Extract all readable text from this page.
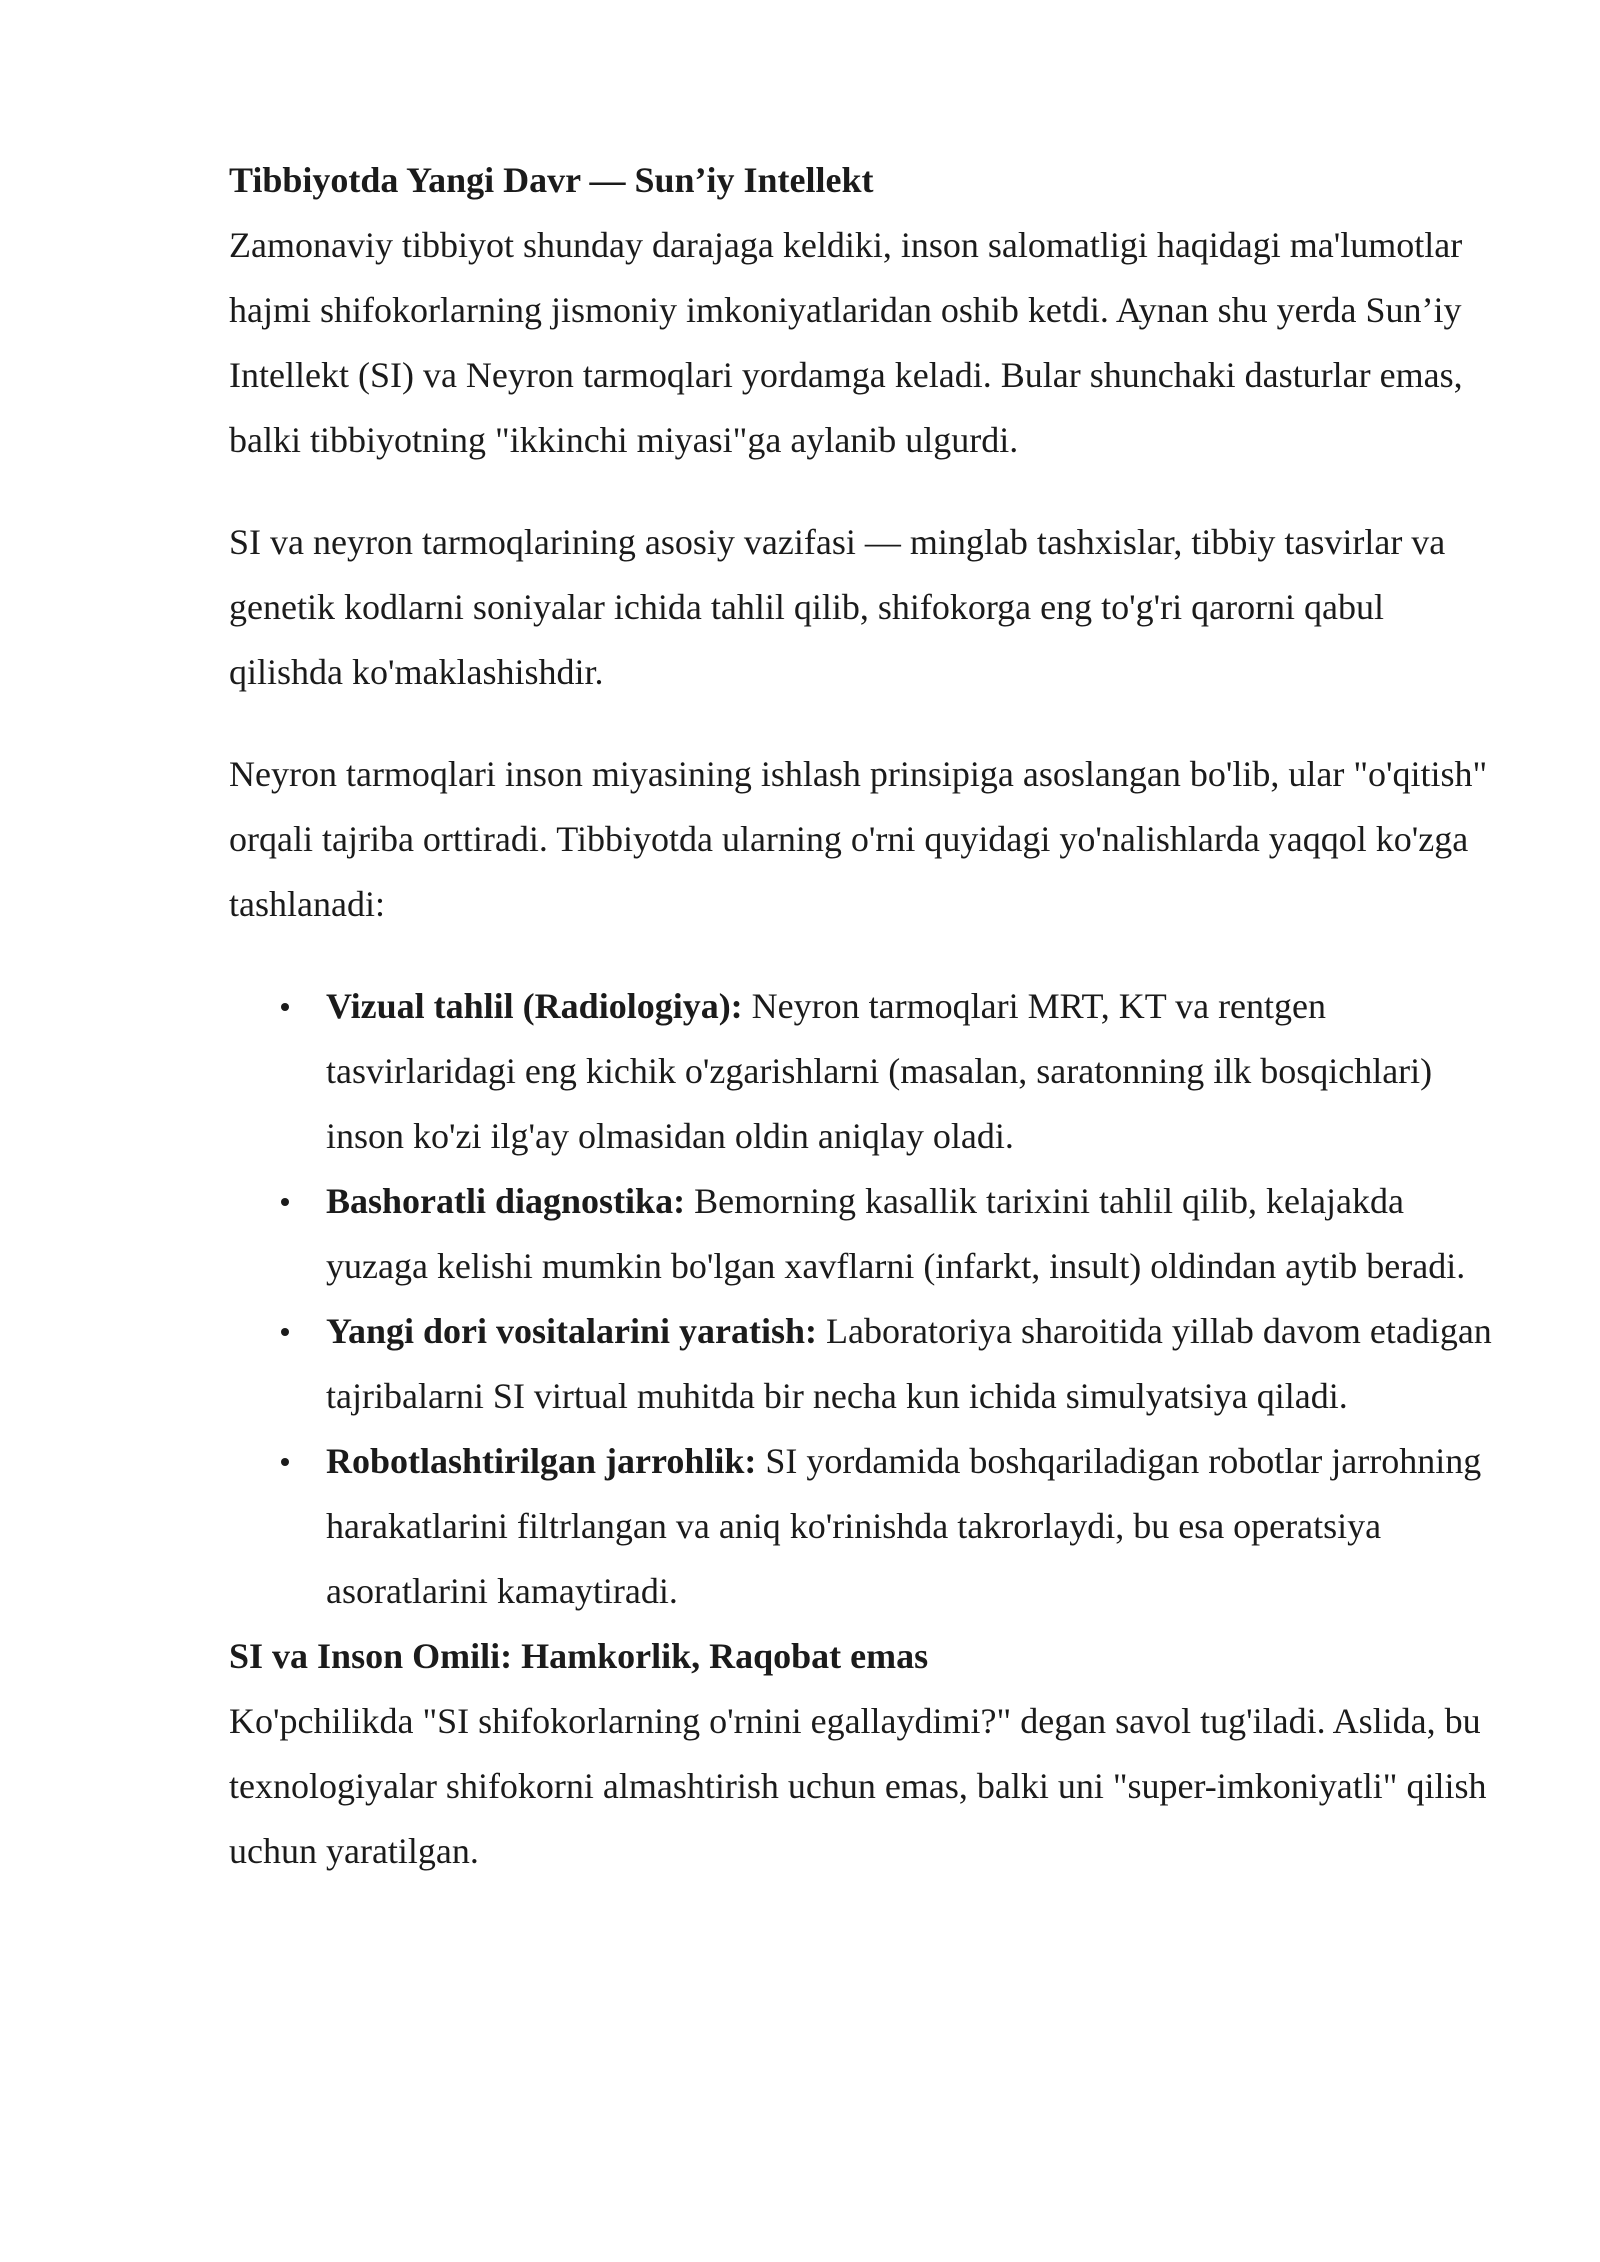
Tibbiyotda Yangi Davr — Sun’iy Intellekt

Zamonaviy tibbiyot shunday darajaga keldiki, inson salomatligi haqidagi ma'lumotlar hajmi shifokorlarning jismoniy imkoniyatlaridan oshib ketdi. Aynan shu yerda Sun’iy Intellekt (SI) va Neyron tarmoqlari yordamga keladi. Bular shunchaki dasturlar emas, balki tibbiyotning "ikkinchi miyasi"ga aylanib ulgurdi.

SI va neyron tarmoqlarining asosiy vazifasi — minglab tashxislar, tibbiy tasvirlar va genetik kodlarni soniyalar ichida tahlil qilib, shifokorga eng to'g'ri qarorni qabul qilishda ko'maklashishdir.

Neyron tarmoqlari inson miyasining ishlash prinsipiga asoslangan bo'lib, ular "o'qitish" orqali tajriba orttiradi. Tibbiyotda ularning o'rni quyidagi yo'nalishlarda yaqqol ko'zga tashlanadi:

Vizual tahlil (Radiologiya): Neyron tarmoqlari MRT, KT va rentgen tasvirlaridagi eng kichik o'zgarishlarni (masalan, saratonning ilk bosqichlari) inson ko'zi ilg'ay olmasidan oldin aniqlay oladi.
Bashoratli diagnostika: Bemorning kasallik tarixini tahlil qilib, kelajakda yuzaga kelishi mumkin bo'lgan xavflarni (infarkt, insult) oldindan aytib beradi.
Yangi dori vositalarini yaratish: Laboratoriya sharoitida yillab davom etadigan tajribalarni SI virtual muhitda bir necha kun ichida simulyatsiya qiladi.
Robotlashtirilgan jarrohlik: SI yordamida boshqariladigan robotlar jarrohning harakatlarini filtrlangan va aniq ko'rinishda takrorlaydi, bu esa operatsiya asoratlarini kamaytiradi.
SI va Inson Omili: Hamkorlik, Raqobat emas

Ko'pchilikda "SI shifokorlarning o'rnini egallaydimi?" degan savol tug'iladi. Aslida, bu texnologiyalar shifokorni almashtirish uchun emas, balki uni "super-imkoniyatli" qilish uchun yaratilgan.
